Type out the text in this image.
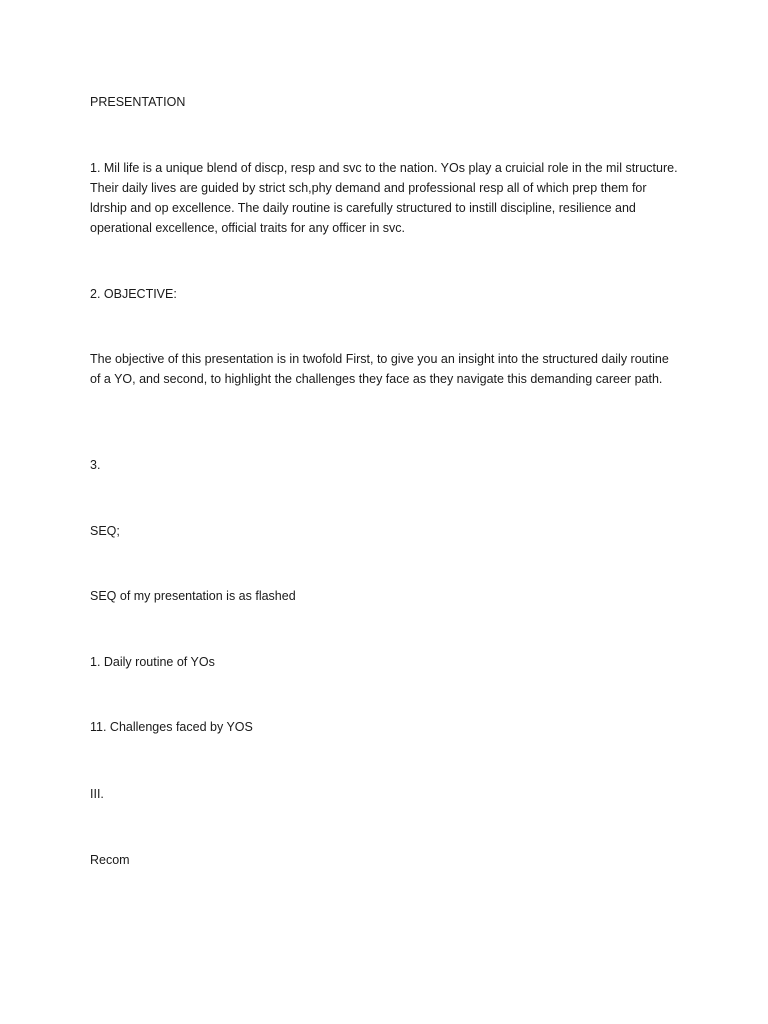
PRESENTATION

1. Mil life is a unique blend of discp, resp and svc to the nation. YOs play a cruicial role in the mil structure. Their daily lives are guided by strict sch,phy demand and professional resp all of which prep them for ldrship and op excellence. The daily routine is carefully structured to instill discipline, resilience and operational excellence, official traits for any officer in svc.

2. OBJECTIVE:

The objective of this presentation is in twofold First, to give you an insight into the structured daily routine of a YO, and second, to highlight the challenges they face as they navigate this demanding career path.

3.

SEQ;

SEQ of my presentation is as flashed

1. Daily routine of YOs

11. Challenges faced by YOS

III.

Recom
